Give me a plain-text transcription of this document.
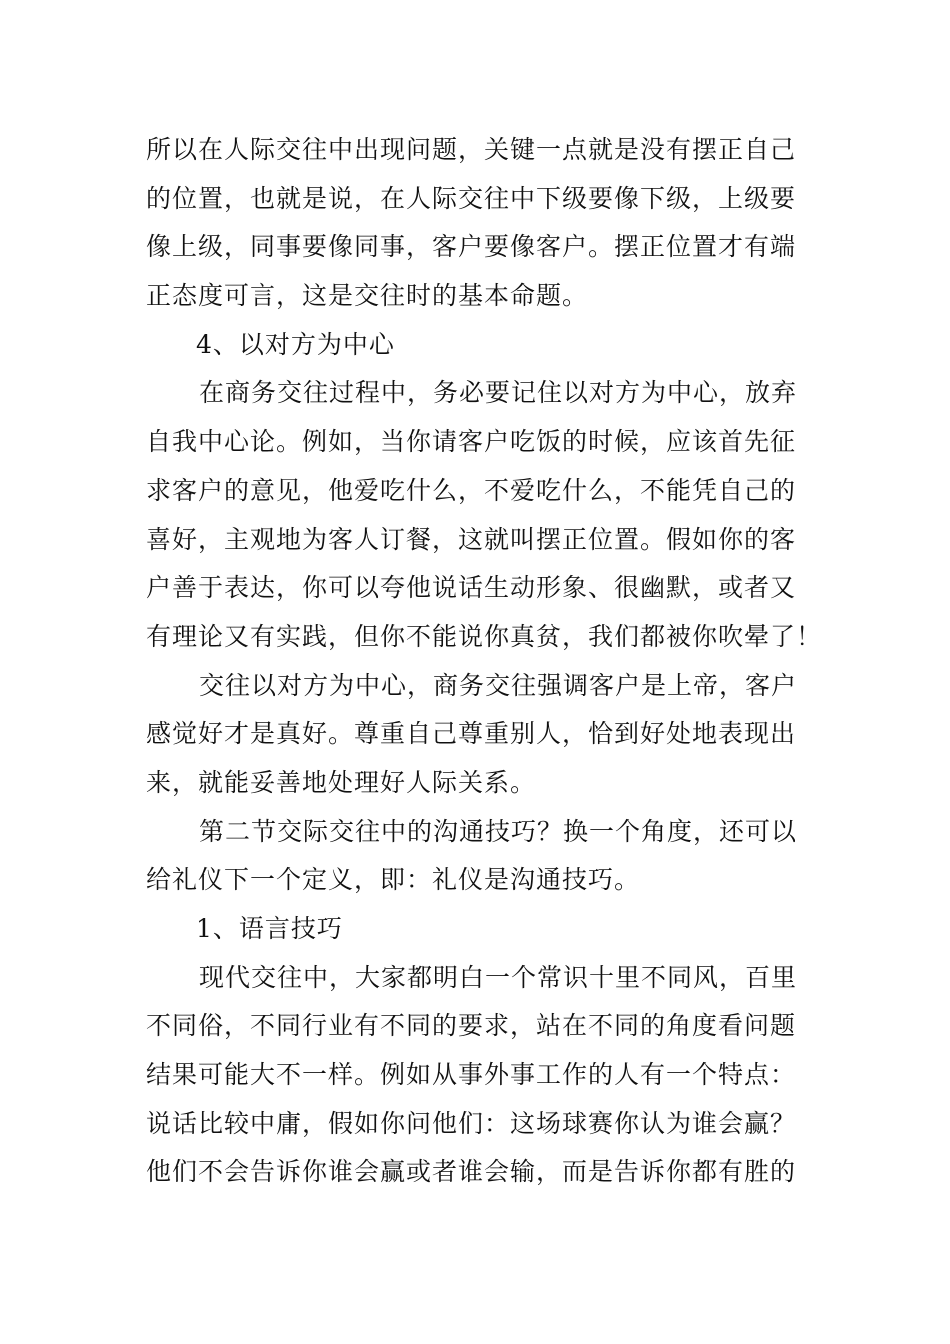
所以在人际交往中出现问题，关键一点就是没有摆正自己
的位置，也就是说，在人际交往中下级要像下级，上级要
像上级，同事要像同事，客户要像客户。摆正位置才有端
正态度可言，这是交往时的基本命题。
4、以对方为中心
在商务交往过程中，务必要记住以对方为中心，放弃
自我中心论。例如，当你请客户吃饭的时候，应该首先征
求客户的意见，他爱吃什么，不爱吃什么，不能凭自己的
喜好，主观地为客人订餐，这就叫摆正位置。假如你的客
户善于表达，你可以夸他说话生动形象、很幽默，或者又
有理论又有实践，但你不能说你真贫，我们都被你吹晕了！
交往以对方为中心，商务交往强调客户是上帝，客户
感觉好才是真好。尊重自己尊重别人，恰到好处地表现出
来，就能妥善地处理好人际关系。
第二节交际交往中的沟通技巧？换一个角度，还可以
给礼仪下一个定义，即：礼仪是沟通技巧。
1、语言技巧
现代交往中，大家都明白一个常识十里不同风，百里
不同俗，不同行业有不同的要求，站在不同的角度看问题
结果可能大不一样。例如从事外事工作的人有一个特点：
说话比较中庸，假如你问他们：这场球赛你认为谁会赢？
他们不会告诉你谁会赢或者谁会输，而是告诉你都有胜的
